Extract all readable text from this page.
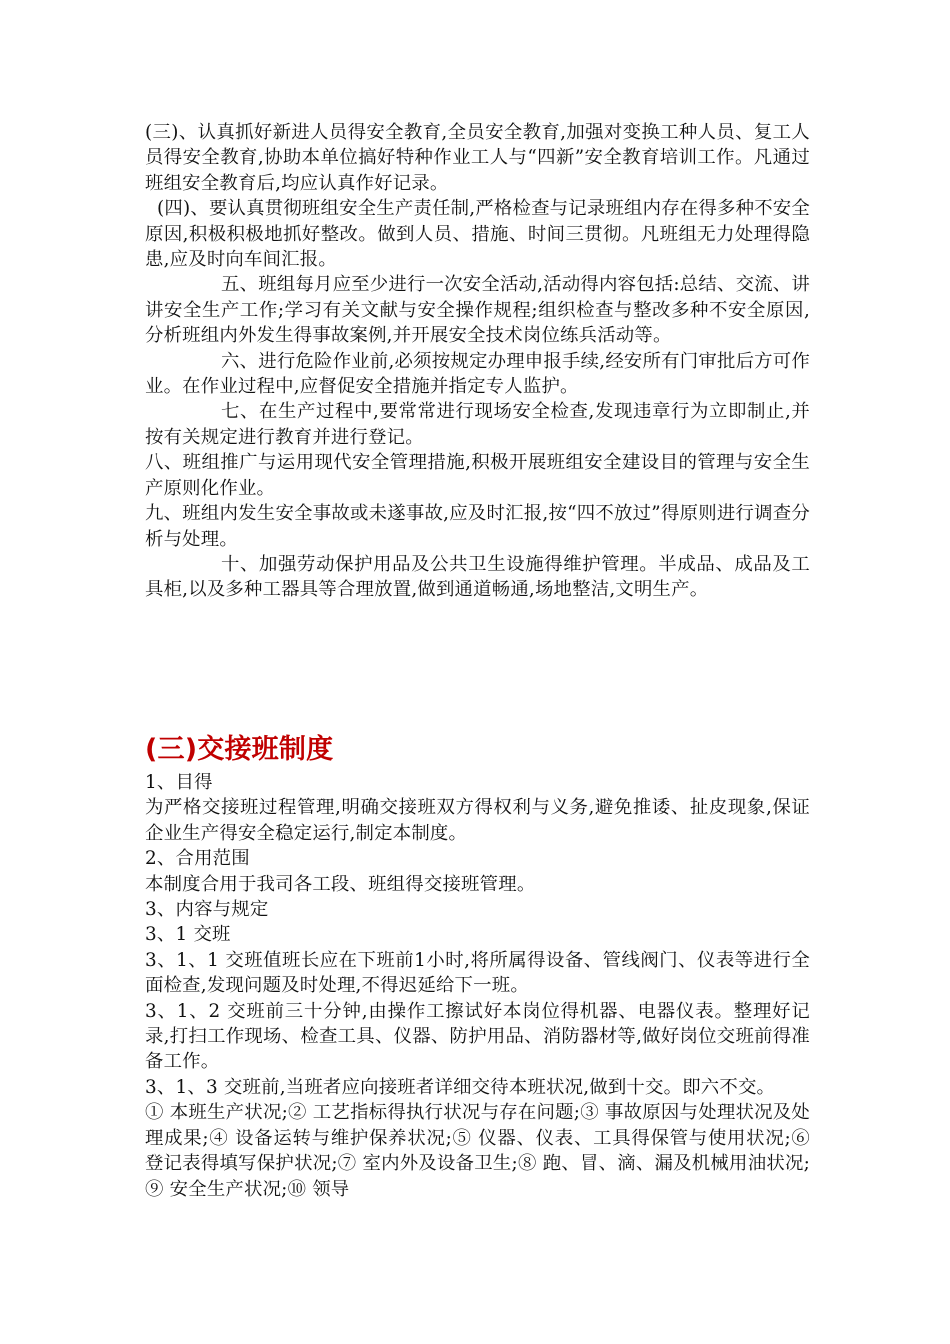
(三)、认真抓好新进人员得安全教育,全员安全教育,加强对变换工种人员、复工人员得安全教育,协助本单位搞好特种作业工人与“四新”安全教育培训工作。凡通过班组安全教育后,均应认真作好记录。

(四)、要认真贯彻班组安全生产责任制,严格检查与记录班组内存在得多种不安全原因,积极积极地抓好整改。做到人员、措施、时间三贯彻。凡班组无力处理得隐患,应及时向车间汇报。

五、班组每月应至少进行一次安全活动,活动得内容包括:总结、交流、讲讲安全生产工作;学习有关文献与安全操作规程;组织检查与整改多种不安全原因,分析班组内外发生得事故案例,并开展安全技术岗位练兵活动等。

六、进行危险作业前,必须按规定办理申报手续,经安所有门审批后方可作业。在作业过程中,应督促安全措施并指定专人监护。

七、在生产过程中,要常常进行现场安全检查,发现违章行为立即制止,并按有关规定进行教育并进行登记。

八、班组推广与运用现代安全管理措施,积极开展班组安全建设目的管理与安全生产原则化作业。

九、班组内发生安全事故或未遂事故,应及时汇报,按“四不放过”得原则进行调查分析与处理。

十、加强劳动保护用品及公共卫生设施得维护管理。半成品、成品及工具柜,以及多种工器具等合理放置,做到通道畅通,场地整洁,文明生产。

(三)交接班制度

1、目得

为严格交接班过程管理,明确交接班双方得权利与义务,避免推诿、扯皮现象,保证企业生产得安全稳定运行,制定本制度。

2、合用范围

本制度合用于我司各工段、班组得交接班管理。

3、内容与规定

3、1 交班

3、1、1 交班值班长应在下班前1小时,将所属得设备、管线阀门、仪表等进行全面检查,发现问题及时处理,不得迟延给下一班。

3、1、2 交班前三十分钟,由操作工擦试好本岗位得机器、电器仪表。整理好记录,打扫工作现场、检查工具、仪器、防护用品、消防器材等,做好岗位交班前得准备工作。

3、1、3 交班前,当班者应向接班者详细交待本班状况,做到十交。即六不交。

① 本班生产状况;② 工艺指标得执行状况与存在问题;③ 事故原因与处理状况及处理成果;④ 设备运转与维护保养状况;⑤ 仪器、仪表、工具得保管与使用状况;⑥ 登记表得填写保护状况;⑦ 室内外及设备卫生;⑧ 跑、冒、滴、漏及机械用油状况;⑨ 安全生产状况;⑩ 领导
